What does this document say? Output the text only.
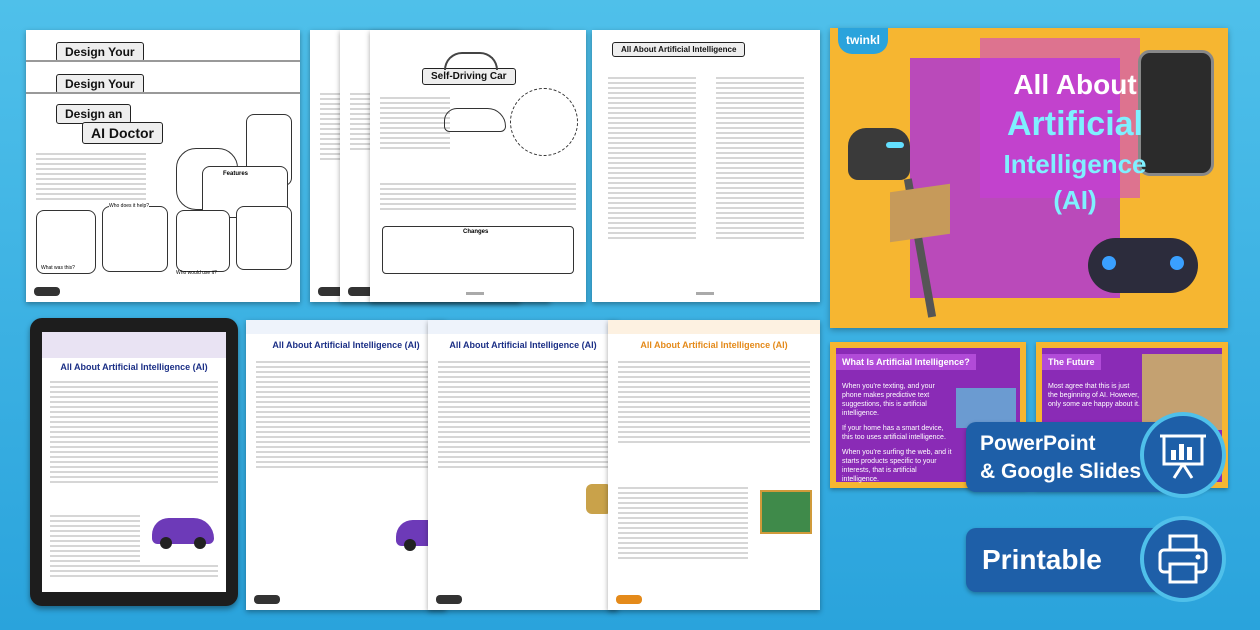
Design Your
Design Your
Design an
AI Doctor
Features
Who does it help?
What was this?
Who would use it?
Self-Driving Car
Changes
All About Artificial Intelligence
twinkl
All About
Artificial
Intelligence
(AI)
What Is Artificial Intelligence?

When you're texting, and your phone makes predictive text suggestions, this is artificial intelligence.

If your home has a smart device, this too uses artificial intelligence.

When you're surfing the web, and it starts products specific to your interests, that is artificial intelligence.

The Future

Most agree that this is just the beginning of AI. However, only some are happy about it.

PowerPoint
& Google Slides
Printable
All About Artificial Intelligence (AI)
All About Artificial Intelligence (AI)	All About Artificial Intelligence (AI)	All About Artificial Intelligence (AI)
